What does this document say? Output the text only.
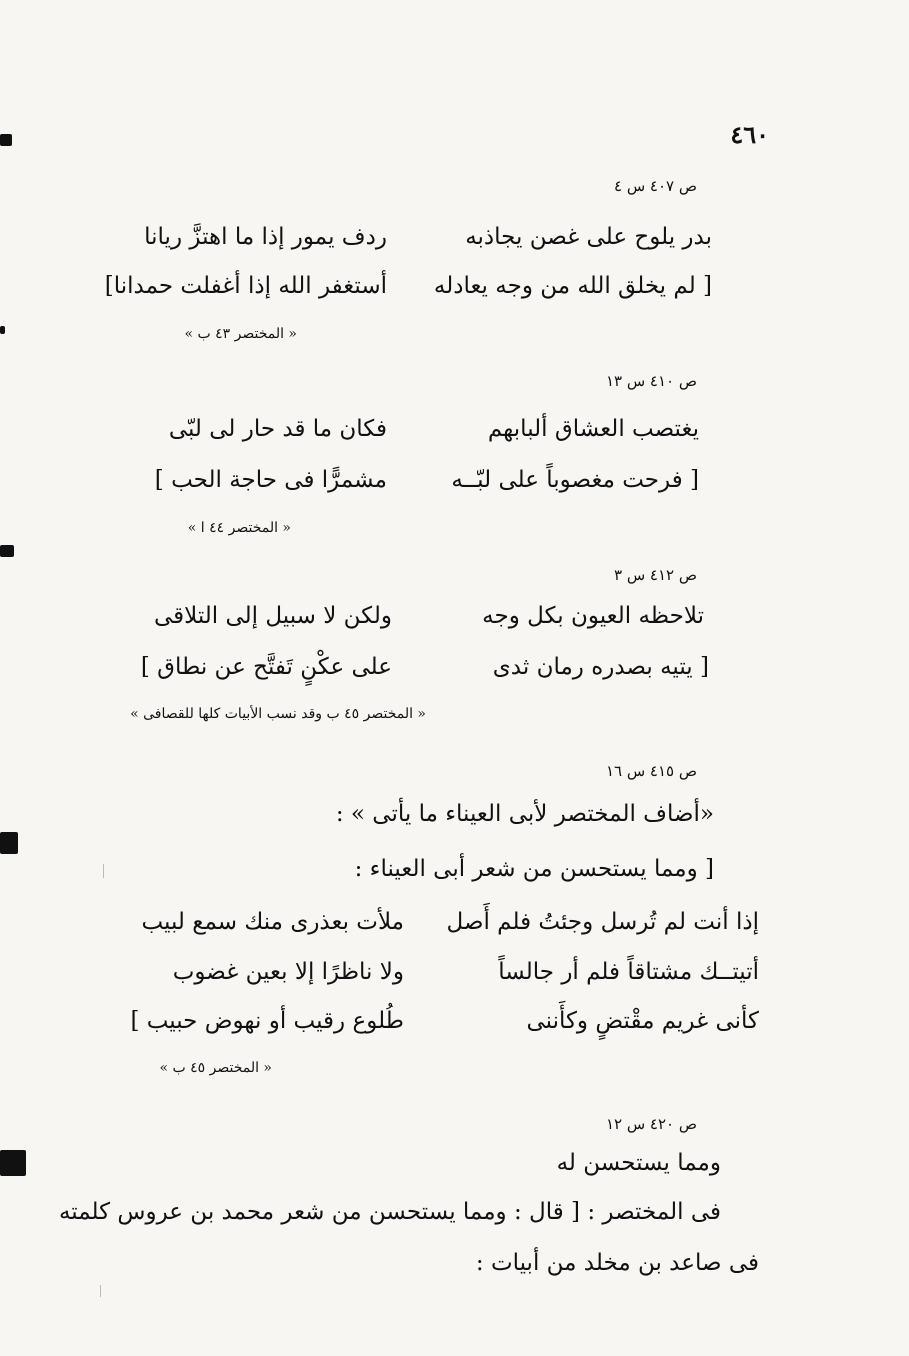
٤٦٠
ص ٤٠٧ س ٤
بدر يلوح على غصن يجاذبه
ردف يمور إذا ما اهتزَّ ريانا
[ لم يخلق الله من وجه يعادله
أستغفر الله إذا أغفلت حمدانا]
« المختصر ٤٣ ب »
ص ٤١٠ س ١٣
يغتصب العشاق ألبابهم
فكان ما قد حار لى لبّى
[ فرحت مغصوباً على لبّــه
مشمرًّا فى حاجة الحب ]
« المختصر ٤٤ ا »
ص ٤١٢ س ٣
تلاحظه العيون بكل وجه
ولكن لا سبيل إلى التلاقى
[ يتيه بصدره رمان ثدى
على عكْنٍ تَفتَّح عن نطاق ]
« المختصر ٤٥ ب وقد نسب الأبيات كلها للقصافى »
ص ٤١٥ س ١٦
«أضاف المختصر لأبى العيناء ما يأتى » :
[ ومما يستحسن من شعر أبى العيناء :
إذا أنت لم تُرسل وجئتُ فلم أَصل
ملأت بعذرى منك سمع لبيب
أتيتــك مشتاقاً فلم أر جالساً
ولا ناظرًا إلا بعين غضوب
كأنى غريم مقْتضٍ وكأَننى
طُلوع رقيب أو نهوض حبيب ]
« المختصر ٤٥ ب »
ص ٤٢٠ س ١٢
ومما يستحسن له
فى المختصر : [ قال : ومما يستحسن من شعر محمد بن عروس كلمته
فى صاعد بن مخلد من أبيات :
